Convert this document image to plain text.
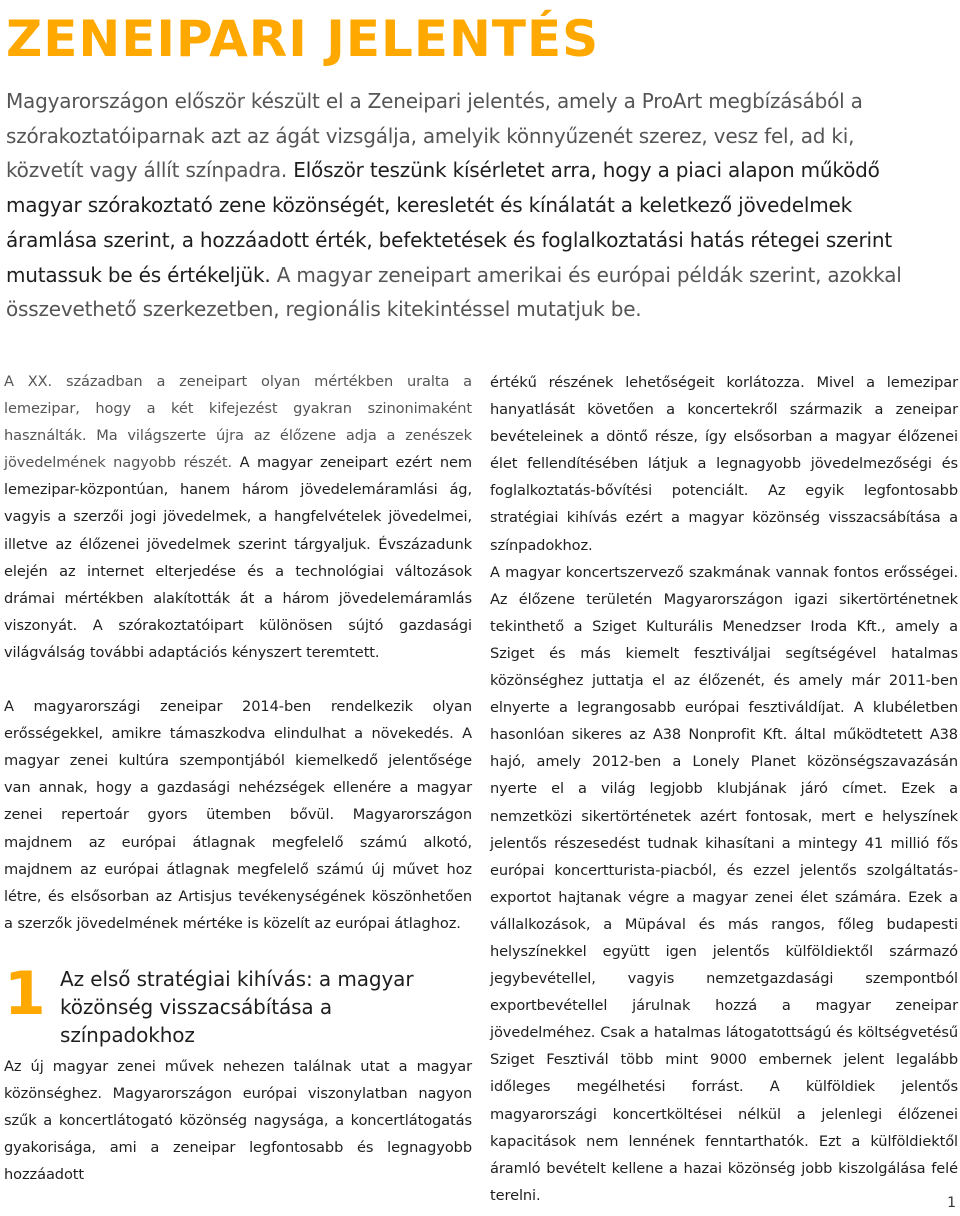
ZENEIPARI JELENTÉS

Magyarországon először készült el a Zeneipari jelentés, amely a ProArt megbízásából a szórakoztatóiparnak azt az ágát vizsgálja, amelyik könnyűzenét szerez, vesz fel, ad ki, közvetít vagy állít színpadra. Először teszünk kísérletet arra, hogy a piaci alapon működő magyar szórakoztató zene közönségét, keresletét és kínálatát a keletkező jövedelmek áramlása szerint, a hozzáadott érték, befektetések és foglalkoztatási hatás rétegei szerint mutassuk be és értékeljük. A magyar zeneipart amerikai és európai példák szerint, azokkal összevethető szerkezetben, regionális kitekintéssel mutatjuk be.

A XX. században a zeneipart olyan mértékben uralta a lemezipar, hogy a két kifejezést gyakran szinonimaként használták. Ma világszerte újra az élőzene adja a zenészek jövedelmének nagyobb részét. A magyar zeneipart ezért nem lemezipar-központúan, hanem három jövedelemáramlási ág, vagyis a szerzői jogi jövedelmek, a hangfelvételek jövedelmei, illetve az élőzenei jövedelmek szerint tárgyaljuk. Évszázadunk elején az internet elterjedése és a technológiai változások drámai mértékben alakították át a három jövedelemáramlás viszonyát. A szórakoztatóipart különösen sújtó gazdasági világválság további adaptációs kényszert teremtett.

A magyarországi zeneipar 2014-ben rendelkezik olyan erősségekkel, amikre támaszkodva elindulhat a növekedés. A magyar zenei kultúra szempontjából kiemelkedő jelentősége van annak, hogy a gazdasági nehézségek ellenére a magyar zenei repertoár gyors ütemben bővül. Magyarországon majdnem az európai átlagnak megfelelő számú alkotó, majdnem az európai átlagnak megfelelő számú új művet hoz létre, és elsősorban az Artisjus tevékenységének köszönhetően a szerzők jövedelmének mértéke is közelít az európai átlaghoz.

1 Az első stratégiai kihívás: a magyar
közönség visszacsábítása a színpadokhoz

Az új magyar zenei művek nehezen találnak utat a magyar közönséghez. Magyarországon európai viszonylatban nagyon szűk a koncertlátogató közönség nagysága, a koncertlátogatás gyakorisága, ami a zeneipar legfontosabb és legnagyobb hozzáadott

értékű részének lehetőségeit korlátozza. Mivel a lemezipar hanyatlását követően a koncertekről származik a zeneipar bevételeinek a döntő része, így elsősorban a magyar élőzenei élet fellendítésében látjuk a legnagyobb jövedelmezőségi és foglalkoztatás-bővítési potenciált. Az egyik legfontosabb stratégiai kihívás ezért a magyar közönség visszacsábítása a színpadokhoz.

A magyar koncertszervező szakmának vannak fontos erősségei. Az élőzene területén Magyarországon igazi sikertörténetnek tekinthető a Sziget Kulturális Menedzser Iroda Kft., amely a Sziget és más kiemelt fesztiváljai segítségével hatalmas közönséghez juttatja el az élőzenét, és amely már 2011-ben elnyerte a legrangosabb európai fesztiváldíjat. A klubéletben hasonlóan sikeres az A38 Nonprofit Kft. által működtetett A38 hajó, amely 2012-ben a Lonely Planet közönségszavazásán nyerte el a világ legjobb klubjának járó címet. Ezek a nemzetközi sikertörténetek azért fontosak, mert e helyszínek jelentős részesedést tudnak kihasítani a mintegy 41 millió fős európai koncertturista-piacból, és ezzel jelentős szolgáltatás-exportot hajtanak végre a magyar zenei élet számára. Ezek a vállalkozások, a Müpával és más rangos, főleg budapesti helyszínekkel együtt igen jelentős külföldiektől származó jegybevétellel, vagyis nemzetgazdasági szempontból exportbevétellel járulnak hozzá a magyar zeneipar jövedelméhez. Csak a hatalmas látogatottságú és költségvetésű Sziget Fesztivál több mint 9000 embernek jelent legalább időleges megélhetési forrást. A külföldiek jelentős magyarországi koncertköltései nélkül a jelenlegi élőzenei kapacitások nem lennének fenntarthatók. Ezt a külföldiektől áramló bevételt kellene a hazai közönség jobb kiszolgálása felé terelni.	1
